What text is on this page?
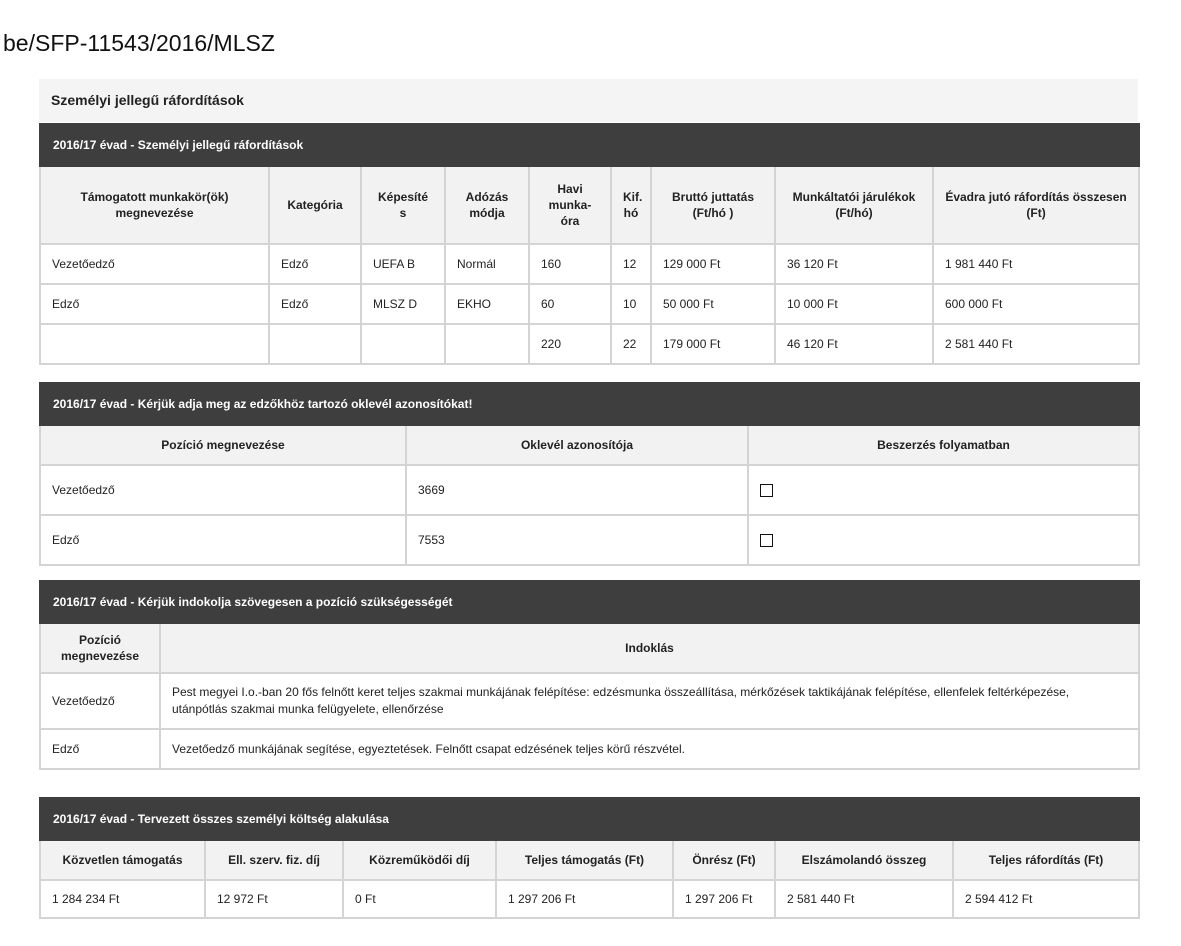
be/SFP-11543/2016/MLSZ
Személyi jellegű ráfordítások
2016/17 évad - Személyi jellegű ráfordítások								
Támogatott munkakör(ök) megnevezése	Kategória	Képesíté s	Adózás módja	Havi munka- óra	Kif. hó	Bruttó juttatás (Ft/hó )	Munkáltatói járulékok (Ft/hó)	Évadra jutó ráfordítás összesen (Ft)
Vezetőedző	Edző	UEFA B	Normál	160	12	129 000 Ft	36 120 Ft	1 981 440 Ft
Edző	Edző	MLSZ D	EKHO	60	10	50 000 Ft	10 000 Ft	600 000 Ft
				220	22	179 000 Ft	46 120 Ft	2 581 440 Ft
2016/17 évad - Kérjük adja meg az edzőkhöz tartozó oklevél azonosítókat!		
Pozíció megnevezése	Oklevél azonosítója	Beszerzés folyamatban
Vezetőedző	3669	
Edző	7553	
2016/17 évad - Kérjük indokolja szövegesen a pozíció szükségességét	
Pozíció megnevezése	Indoklás
Vezetőedző	Pest megyei I.o.-ban 20 fős felnőtt keret teljes szakmai munkájának felépítése: edzésmunka összeállítása, mérkőzések taktikájának felépítése, ellenfelek feltérképezése, utánpótlás szakmai munka felügyelete, ellenőrzése
Edző	Vezetőedző munkájának segítése, egyeztetések. Felnőtt csapat edzésének teljes körű részvétel.
2016/17 évad - Tervezett összes személyi költség alakulása						
Közvetlen támogatás	Ell. szerv. fiz. díj	Közreműködői díj	Teljes támogatás (Ft)	Önrész (Ft)	Elszámolandó összeg	Teljes ráfordítás (Ft)
1 284 234 Ft	12 972 Ft	0 Ft	1 297 206 Ft	1 297 206 Ft	2 581 440 Ft	2 594 412 Ft
